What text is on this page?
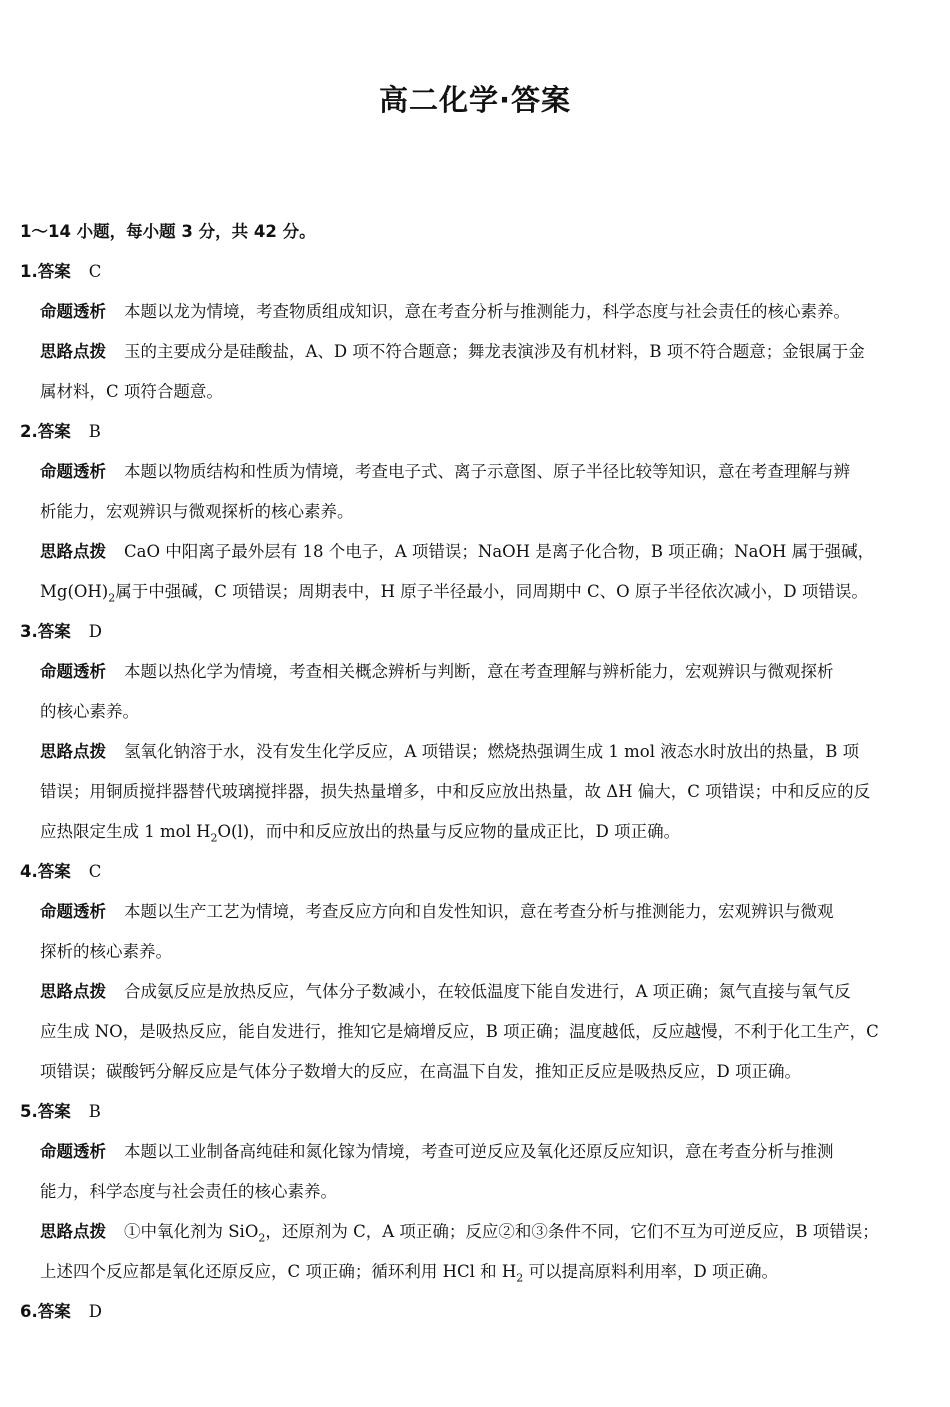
高二化学·答案
1～14 小题，每小题 3 分，共 42 分。
1.答案 C
命题透析 本题以龙为情境，考查物质组成知识，意在考查分析与推测能力，科学态度与社会责任的核心素养。
思路点拨 玉的主要成分是硅酸盐，A、D 项不符合题意；舞龙表演涉及有机材料，B 项不符合题意；金银属于金
属材料，C 项符合题意。
2.答案 B
命题透析 本题以物质结构和性质为情境，考查电子式、离子示意图、原子半径比较等知识，意在考查理解与辨
析能力，宏观辨识与微观探析的核心素养。
思路点拨 CaO 中阳离子最外层有 18 个电子，A 项错误；NaOH 是离子化合物，B 项正确；NaOH 属于强碱，
$Mg(OH)_2$属于中强碱，C 项错误；周期表中，H 原子半径最小，同周期中 C、O 原子半径依次减小，D 项错误。
3.答案 D
命题透析 本题以热化学为情境，考查相关概念辨析与判断，意在考查理解与辨析能力，宏观辨识与微观探析
的核心素养。
思路点拨 氢氧化钠溶于水，没有发生化学反应，A 项错误；燃烧热强调生成 1 mol 液态水时放出的热量，B 项
错误；用铜质搅拌器替代玻璃搅拌器，损失热量增多，中和反应放出热量，故 ΔH 偏大，C 项错误；中和反应的反
应热限定生成 1 mol $H_2O(l)$，而中和反应放出的热量与反应物的量成正比，D 项正确。
4.答案 C
命题透析 本题以生产工艺为情境，考查反应方向和自发性知识，意在考查分析与推测能力，宏观辨识与微观
探析的核心素养。
思路点拨 合成氨反应是放热反应，气体分子数减小，在较低温度下能自发进行，A 项正确；氮气直接与氧气反
应生成 NO，是吸热反应，能自发进行，推知它是熵增反应，B 项正确；温度越低，反应越慢，不利于化工生产，C
项错误；碳酸钙分解反应是气体分子数增大的反应，在高温下自发，推知正反应是吸热反应，D 项正确。
5.答案 B
命题透析 本题以工业制备高纯硅和氮化镓为情境，考查可逆反应及氧化还原反应知识，意在考查分析与推测
能力，科学态度与社会责任的核心素养。
思路点拨 ①中氧化剂为 SiO$_2$，还原剂为 C，A 项正确；反应②和③条件不同，它们不互为可逆反应，B 项错误；
上述四个反应都是氧化还原反应，C 项正确；循环利用 HCl 和 $H_2$ 可以提高原料利用率，D 项正确。
6.答案 D
